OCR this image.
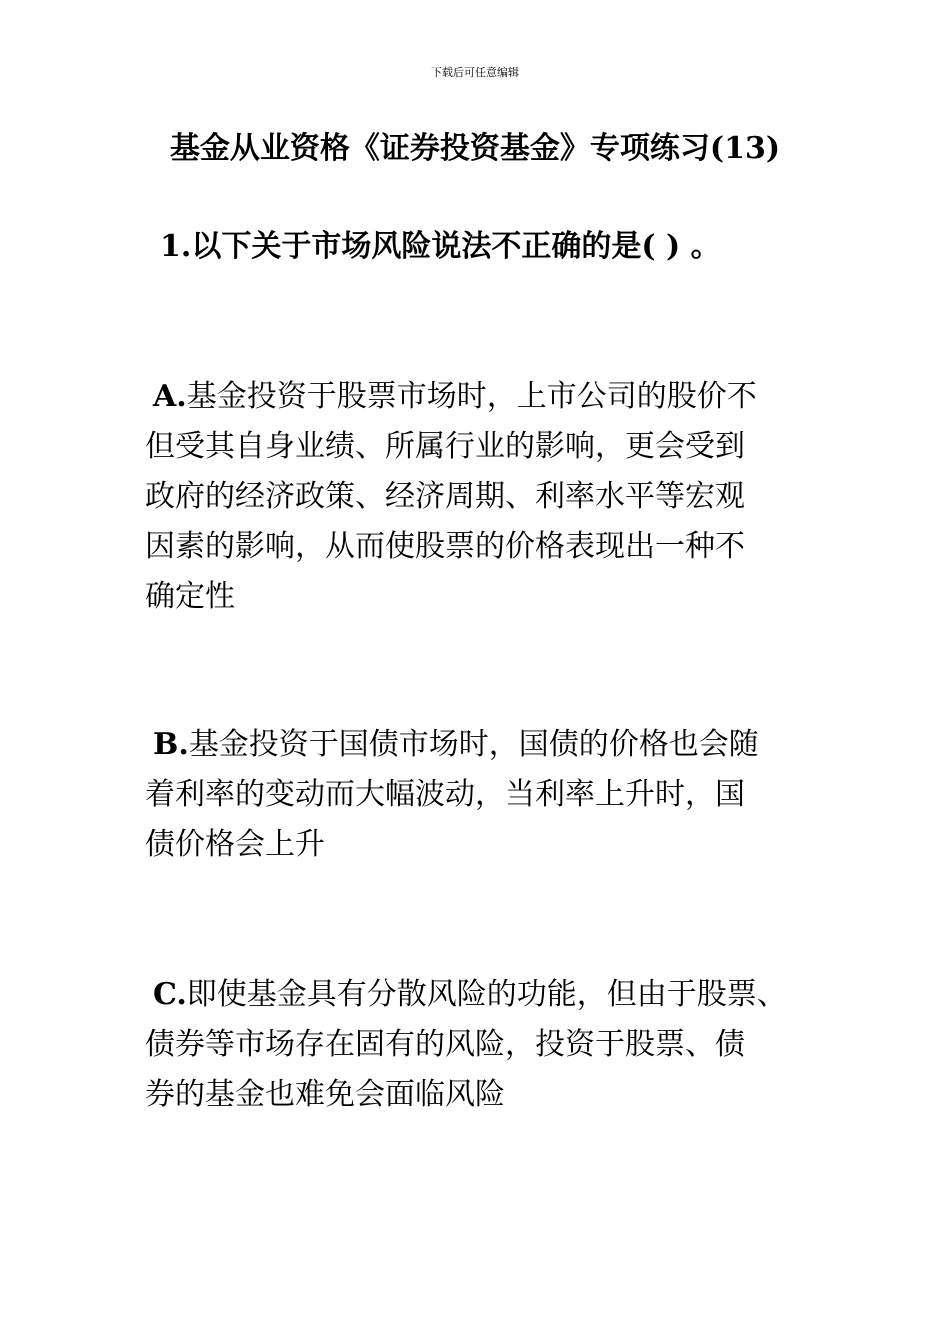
下载后可任意编辑
基金从业资格《证券投资基金》专项练习(13)
1.以下关于市场风险说法不正确的是( ) 。
A.基金投资于股票市场时，上市公司的股价不
但受其自身业绩、所属行业的影响，更会受到
政府的经济政策、经济周期、利率水平等宏观
因素的影响，从而使股票的价格表现出一种不
确定性
B.基金投资于国债市场时，国债的价格也会随
着利率的变动而大幅波动，当利率上升时，国
债价格会上升
C.即使基金具有分散风险的功能，但由于股票、
债券等市场存在固有的风险，投资于股票、债
券的基金也难免会面临风险
